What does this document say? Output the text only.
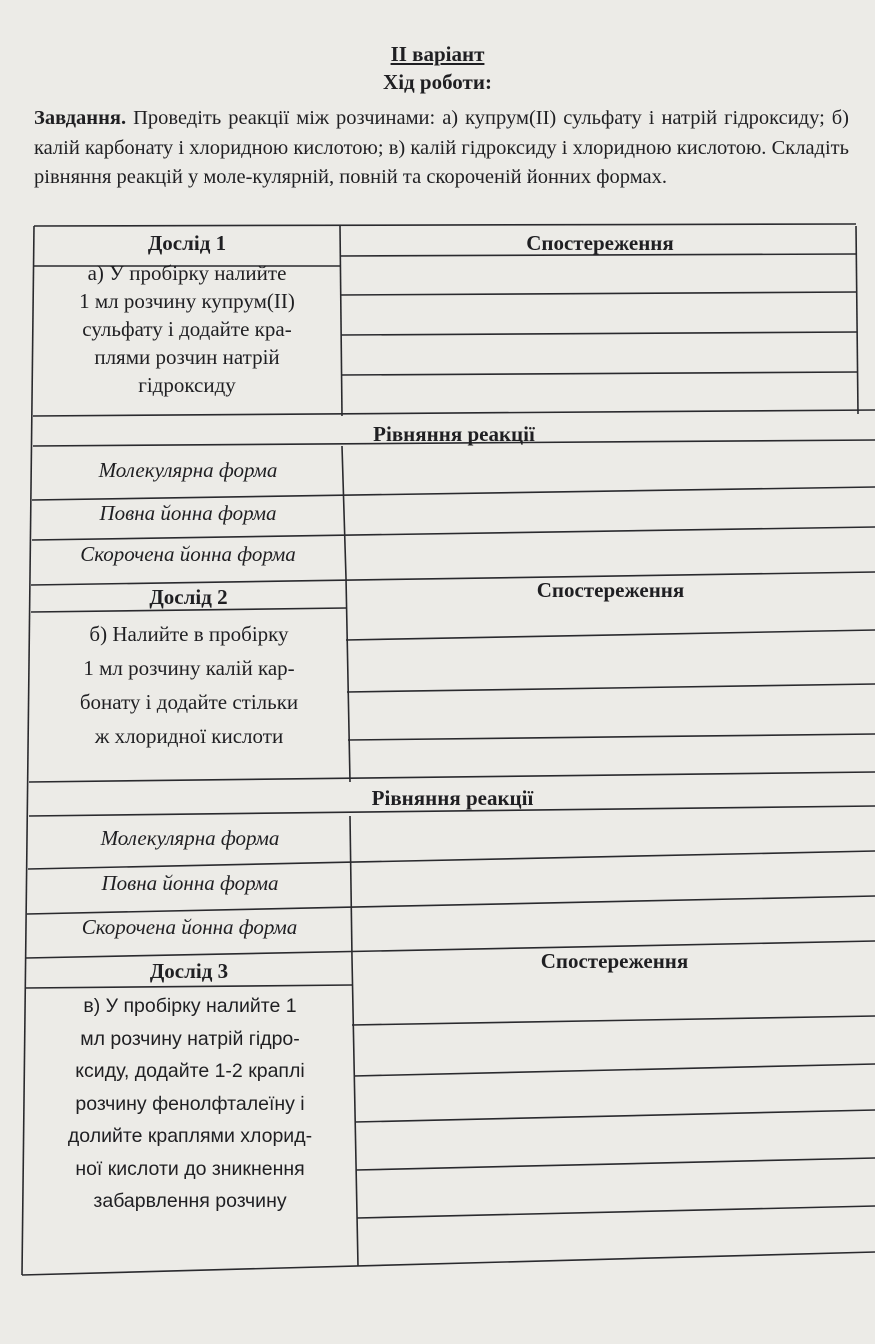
ІІ варіант
Хід роботи:
Завдання. Проведіть реакції між розчинами: а) купрум(ІІ) сульфату і натрій гідроксиду; б) калій карбонату і хлоридною кислотою; в) калій гідроксиду і хлоридною кислотою. Складіть рівняння реакцій у моле-кулярній, повній та скороченій йонних формах.
Дослід 1	Спостереження
а) У пробірку налийте
1 мл розчину купрум(ІІ)
сульфату і додайте кра-
плями розчин натрій
гідроксиду
Рівняння реакції
Молекулярна форма
Повна йонна форма
Скорочена йонна форма
Дослід 2	Спостереження
б) Налийте в пробірку
1 мл розчину калій кар-
бонату і додайте стільки
ж хлоридної кислоти
Рівняння реакції
Молекулярна форма
Повна йонна форма
Скорочена йонна форма
Дослід 3	Спостереження
в) У пробірку налийте 1
мл розчину натрій гідро-
ксиду, додайте 1-2 краплі
розчину фенолфталеїну і
долийте краплями хлорид-
ної кислоти до зникнення
забарвлення розчину
